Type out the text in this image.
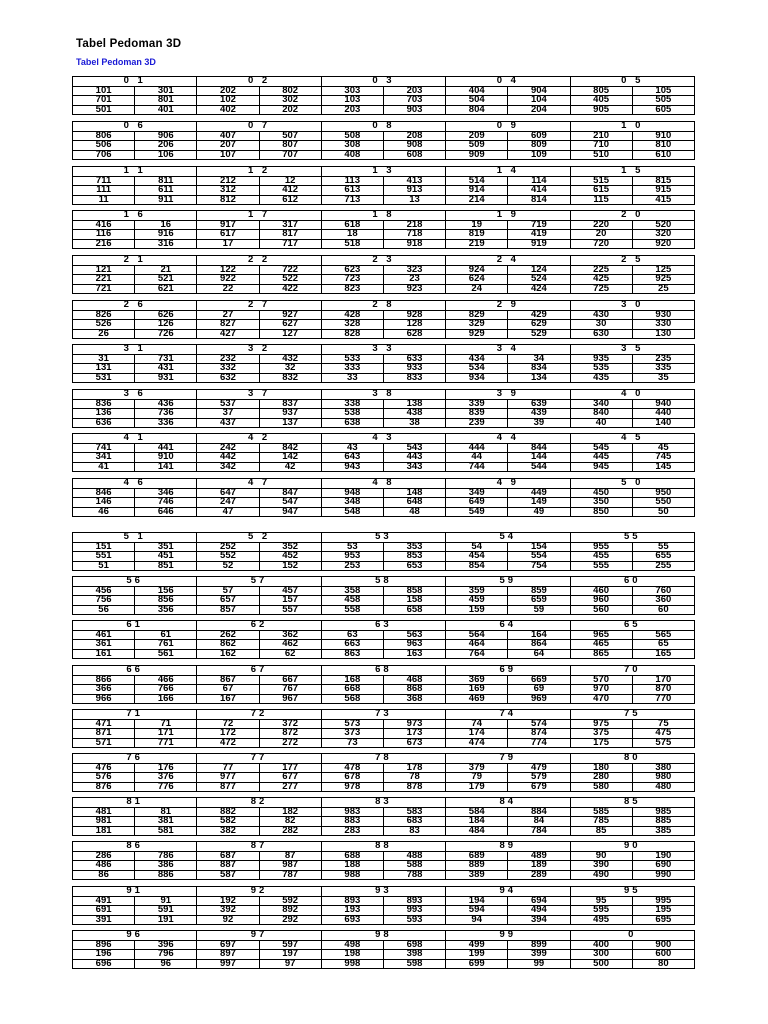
Tabel Pedoman 3D
Tabel Pedoman 3D
0 1		0 2		0 3		0 4		0 5	
101	301	202	802	303	203	404	904	805	105
701	801	102	302	103	703	504	104	405	505
501	401	402	202	203	903	804	204	905	605
0 6		0 7		0 8		0 9		1 0	
806	906	407	507	508	208	209	609	210	910
506	206	207	807	308	908	509	809	710	810
706	106	107	707	408	608	909	109	510	610
1 1		1 2		1 3		1 4		1 5	
711	811	212	12	113	413	514	114	515	815
111	611	312	412	613	913	914	414	615	915
11	911	812	612	713	13	214	814	115	415
1 6		1 7		1 8		1 9		2 0	
416	16	917	317	618	218	19	719	220	520
116	916	617	817	18	718	819	419	20	320
216	316	17	717	518	918	219	919	720	920
2 1		2 2		2 3		2 4		2 5	
121	21	122	722	623	323	924	124	225	125
221	521	922	522	723	23	624	524	425	925
721	621	22	422	823	923	24	424	725	25
2 6		2 7		2 8		2 9		3 0	
826	626	27	927	428	928	829	429	430	930
526	126	827	627	328	128	329	629	30	330
26	726	427	127	828	628	929	529	630	130
3 1		3 2		3 3		3 4		3 5	
31	731	232	432	533	633	434	34	935	235
131	431	332	32	333	933	534	834	535	335
531	931	632	832	33	833	934	134	435	35
3 6		3 7		3 8		3 9		4 0	
836	436	537	837	338	138	339	639	340	940
136	736	37	937	538	438	839	439	840	440
636	336	437	137	638	38	239	39	40	140
4 1		4 2		4 3		4 4		4 5	
741	441	242	842	43	543	444	844	545	45
341	910	442	142	643	443	44	144	445	745
41	141	342	42	943	343	744	544	945	145
4 6		4 7		4 8		4 9		5 0	
846	346	647	847	948	148	349	449	450	950
146	746	247	547	348	648	649	149	350	550
46	646	47	947	548	48	549	49	850	50
5 1		5 2		53		54		55	
151	351	252	352	53	353	54	154	955	55
551	451	552	452	953	853	454	554	455	655
51	851	52	152	253	653	854	754	555	255
56		57		58		59		60	
456	156	57	457	358	858	359	859	460	760
756	856	657	157	458	158	459	659	960	360
56	356	857	557	558	658	159	59	560	60
61		62		63		64		65	
461	61	262	362	63	563	564	164	965	565
361	761	862	462	663	963	464	864	465	65
161	561	162	62	863	163	764	64	865	165
66		67		68		69		70	
866	466	867	667	168	468	369	669	570	170
366	766	67	767	668	868	169	69	970	870
966	166	167	967	568	368	469	969	470	770
71		72		73		74		75	
471	71	72	372	573	973	74	574	975	75
871	171	172	872	373	173	174	874	375	475
571	771	472	272	73	673	474	774	175	575
76		77		78		79		80	
476	176	77	177	478	178	379	479	180	380
576	376	977	677	678	78	79	579	280	980
876	776	877	277	978	878	179	679	580	480
81		82		83		84		85	
481	81	882	182	983	583	584	884	585	985
981	381	582	82	883	683	184	84	785	885
181	581	382	282	283	83	484	784	85	385
86		87		88		89		90	
286	786	687	87	688	488	689	489	90	190
486	386	887	987	188	588	889	189	390	690
86	886	587	787	988	788	389	289	490	990
91		92		93		94		95	
491	91	192	592	893	893	194	694	95	995
691	591	392	892	193	993	594	494	595	195
391	191	92	292	693	593	94	394	495	695
96		97		98		99		0	
896	396	697	597	498	698	499	899	400	900
196	796	897	197	198	398	199	399	300	600
696	96	997	97	998	598	699	99	500	80
